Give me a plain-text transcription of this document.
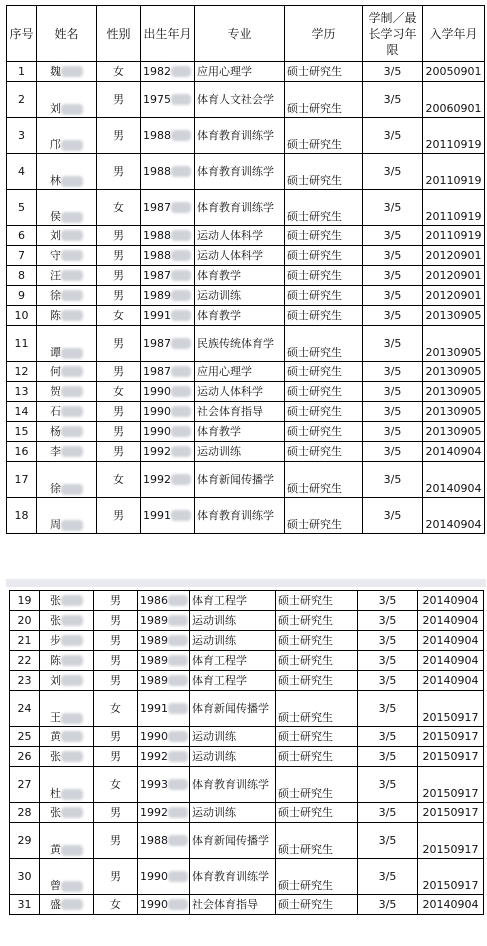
序号	姓名	性别	出生年月	专业	学历	学制／最长学习年限	入学年月
1	魏	女	1982	应用心理学	硕士研究生	3/5	20050901
2	刘	男	1975	体育人文社会学	硕士研究生	3/5	20060901
3	邝	男	1988	体育教育训练学	硕士研究生	3/5	20110919
4	林	男	1988	体育教育训练学	硕士研究生	3/5	20110919
5	侯	女	1987	体育教育训练学	硕士研究生	3/5	20110919
6	刘	男	1988	运动人体科学	硕士研究生	3/5	20110919
7	守	男	1988	运动人体科学	硕士研究生	3/5	20120901
8	汪	男	1987	体育教学	硕士研究生	3/5	20120901
9	徐	男	1989	运动训练	硕士研究生	3/5	20120901
10	陈	女	1991	体育教学	硕士研究生	3/5	20130905
11	谭	男	1987	民族传统体育学	硕士研究生	3/5	20130905
12	何	男	1987	应用心理学	硕士研究生	3/5	20130905
13	贺	女	1990	运动人体科学	硕士研究生	3/5	20130905
14	石	男	1990	社会体育指导	硕士研究生	3/5	20130905
15	杨	男	1990	体育教学	硕士研究生	3/5	20130905
16	李	男	1992	运动训练	硕士研究生	3/5	20140904
17	徐	女	1992	体育新闻传播学	硕士研究生	3/5	20140904
18	周	男	1991	体育教育训练学	硕士研究生	3/5	20140904
19	张	男	1986	体育工程学	硕士研究生	3/5	20140904
20	张	男	1989	运动训练	硕士研究生	3/5	20140904
21	步	男	1989	运动训练	硕士研究生	3/5	20140904
22	陈	男	1989	体育工程学	硕士研究生	3/5	20140904
23	刘	男	1989	体育工程学	硕士研究生	3/5	20140904
24	王	女	1991	体育新闻传播学	硕士研究生	3/5	20150917
25	黄	男	1990	运动训练	硕士研究生	3/5	20150917
26	张	男	1992	运动训练	硕士研究生	3/5	20150917
27	杜	女	1993	体育教育训练学	硕士研究生	3/5	20150917
28	张	男	1992	运动训练	硕士研究生	3/5	20150917
29	黄	男	1988	体育新闻传播学	硕士研究生	3/5	20150917
30	曾	男	1990	体育教育训练学	硕士研究生	3/5	20150917
31	盛	女	1990	社会体育指导	硕士研究生	3/5	20140904
